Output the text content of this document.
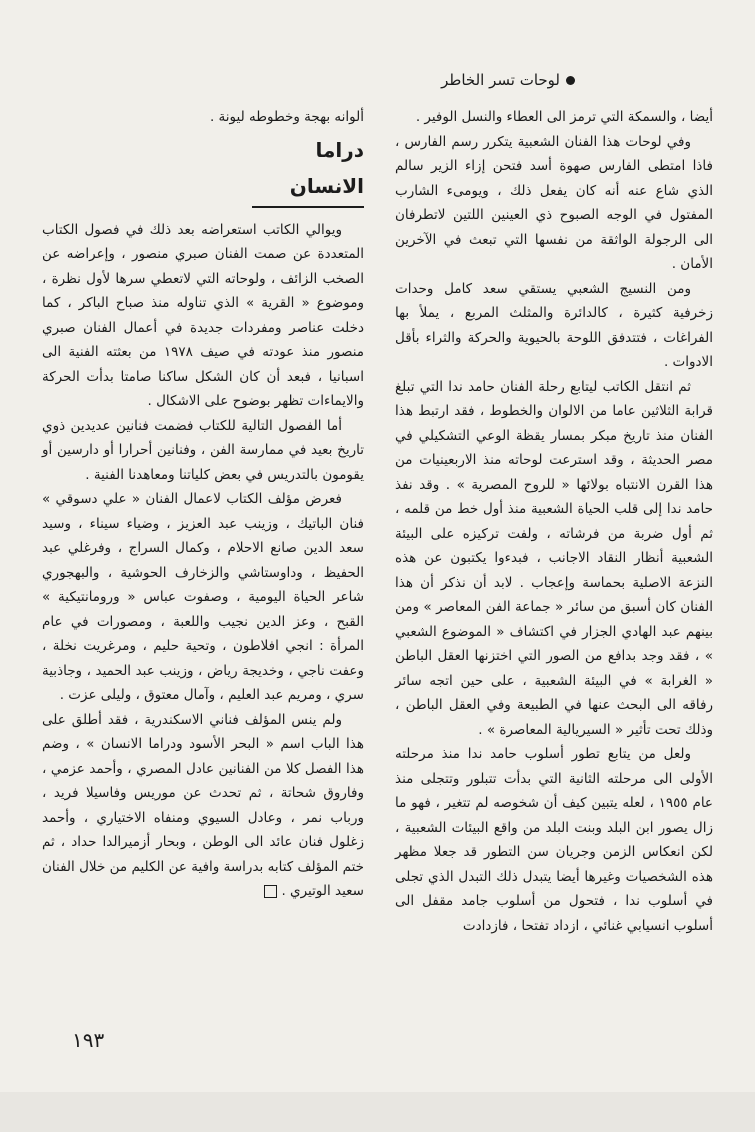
لوحات تسر الخاطر

أيضا ، والسمكة التي ترمز الى العطاء والنسل الوفير .

وفي لوحات هذا الفنان الشعبية يتكرر رسم الفارس ، فاذا امتطى الفارس صهوة أسد فتحن إزاء الزير سالم الذي شاع عنه أنه كان يفعل ذلك ، ويومىء الشارب المفتول في الوجه الصبوح ذي العينين اللتين لاتطرفان الى الرجولة الواثقة من نفسها التي تبعث في الآخرين الأمان .

ومن النسيج الشعبي يستقي سعد كامل وحدات زخرفية كثيرة ، كالدائرة والمثلث المربع ، يملأ بها الفراغات ، فتتدفق اللوحة بالحيوية والحركة والثراء بأقل الادوات .

ثم انتقل الكاتب ليتابع رحلة الفنان حامد ندا التي تبلغ قرابة الثلاثين عاما من الالوان والخطوط ، فقد ارتبط هذا الفنان منذ تاريخ مبكر بمسار يقظة الوعي التشكيلي في مصر الحديثة ، وقد استرعت لوحاته منذ الاربعينيات من هذا القرن الانتباه بولائها « للروح المصرية » . وقد نفذ حامد ندا إلى قلب الحياة الشعبية منذ أول خط من قلمه ، ثم أول ضربة من فرشاته ، ولفت تركيزه على البيئة الشعبية أنظار النقاد الاجانب ، فبدءوا يكتبون عن هذه النزعة الاصلية بحماسة وإعجاب . لابد أن نذكر أن هذا الفنان كان أسبق من سائر « جماعة الفن المعاصر » ومن بينهم عبد الهادي الجزار في اكتشاف « الموضوع الشعبي » ، فقد وجد بدافع من الصور التي اختزنها العقل الباطن « الغرابة » في البيئة الشعبية ، على حين اتجه سائر رفاقه الى البحث عنها في الطبيعة وفي العقل الباطن ، وذلك تحت تأثير « السيريالية المعاصرة » .

ولعل من يتابع تطور أسلوب حامد ندا منذ مرحلته الأولى الى مرحلته الثانية التي بدأت تتبلور وتتجلى منذ عام ١٩٥٥ ، لعله يتبين كيف أن شخوصه لم تتغير ، فهو ما زال يصور ابن البلد وبنت البلد من واقع البيئات الشعبية ، لكن انعكاس الزمن وجريان سن التطور قد جعلا مظهر هذه الشخصيات وغيرها أيضا يتبدل ذلك التبدل الذي تجلى في أسلوب ندا ، فتحول من أسلوب جامد مقفل الى أسلوب انسيابي غنائي ، ازداد تفتحا ، فازدادت

ألوانه بهجة وخطوطه ليونة .

دراما الانسان

ويوالي الكاتب استعراضه بعد ذلك في فصول الكتاب المتعددة عن صمت الفنان صبري منصور ، وإعراضه عن الصخب الزائف ، ولوحاته التي لاتعطي سرها لأول نظرة ، وموضوع « القرية » الذي تناوله منذ صباح الباكر ، كما دخلت عناصر ومفردات جديدة في أعمال الفنان صبري منصور منذ عودته في صيف ١٩٧٨ من بعثته الفنية الى اسبانيا ، فبعد أن كان الشكل ساكنا صامتا بدأت الحركة والايماءات تظهر بوضوح على الاشكال .

أما الفصول التالية للكتاب فضمت فنانين عديدين ذوي تاريخ بعيد في ممارسة الفن ، وفنانين أحرارا أو دارسين أو يقومون بالتدريس في بعض كلياتنا ومعاهدنا الفنية .

فعرض مؤلف الكتاب لاعمال الفنان « علي دسوقي » فنان الباتيك ، وزينب عبد العزيز ، وضياء سيناء ، وسيد سعد الدين صانع الاحلام ، وكمال السراج ، وفرغلي عبد الحفيظ ، وداوستاشي والزخارف الحوشية ، والبهجوري شاعر الحياة اليومية ، وصفوت عباس « ورومانتيكية » القبح ، وعز الدين نجيب واللعبة ، ومصورات في عام المرأة : انجي افلاطون ، وتحية حليم ، ومرغريت نخلة ، وعفت ناجي ، وخديجة رياض ، وزينب عبد الحميد ، وجاذبية سري ، ومريم عبد العليم ، وآمال معتوق ، وليلى عزت .

ولم ينس المؤلف فناني الاسكندرية ، فقد أطلق على هذا الباب اسم « البحر الأسود ودراما الانسان » ، وضم هذا الفصل كلا من الفنانين عادل المصري ، وأحمد عزمي ، وفاروق شحاتة ، ثم تحدث عن موريس وفاسيلا فريد ، ورباب نمر ، وعادل السيوي ومنفاه الاختياري ، وأحمد زغلول فنان عائد الى الوطن ، وبحار أزميرالدا حداد ، ثم ختم المؤلف كتابه بدراسة وافية عن الكليم من خلال الفنان سعيد الوتيري .

١٩٣
